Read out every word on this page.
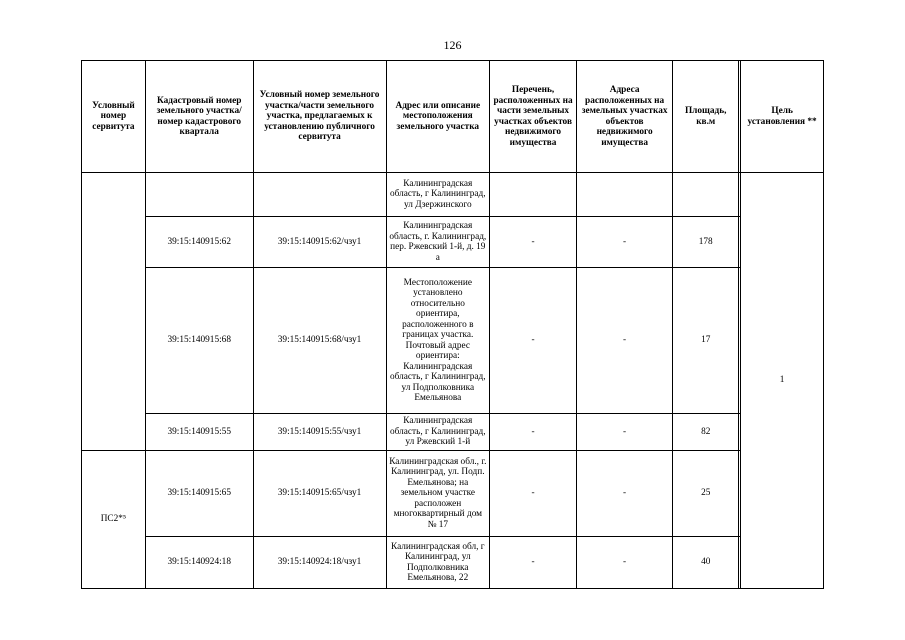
126
Условный номер сервитута	Кадастровый номер земельного участка/номер кадастрового квартала	Условный номер земельного участка/части земельного участка, предлагаемых к установлению публичного сервитута	Адрес или описание местоположения земельного участка	Перечень, расположенных на части земельных участках объектов недвижимого имущества	Адреса расположенных на земельных участках объектов недвижимого имущества	Площадь, кв.м		Цель установления **
			Калининградская область, г Калининград, ул Дзержинского					1
	39:15:140915:62	39:15:140915:62/чзу1	Калининградская область, г. Калининград, пер. Ржевский 1-й, д. 19 а	-	-	178		
	39:15:140915:68	39:15:140915:68/чзу1	Местоположение установлено относительно ориентира, расположенного в границах участка. Почтовый адрес ориентира: Калининградская область, г Калининград, ул Подполковника Емельянова	-	-	17		
	39:15:140915:55	39:15:140915:55/чзу1	Калининградская область, г Калининград, ул Ржевский 1-й	-	-	82		
ПС2*⁵	39:15:140915:65	39:15:140915:65/чзу1	Калининградская обл., г. Калининград, ул. Подп. Емельянова; на земельном участке расположен многоквартирный дом № 17	-	-	25		
	39:15:140924:18	39:15:140924:18/чзу1	Калининградская обл, г Калининград, ул Подполковника Емельянова, 22	-	-	40		
